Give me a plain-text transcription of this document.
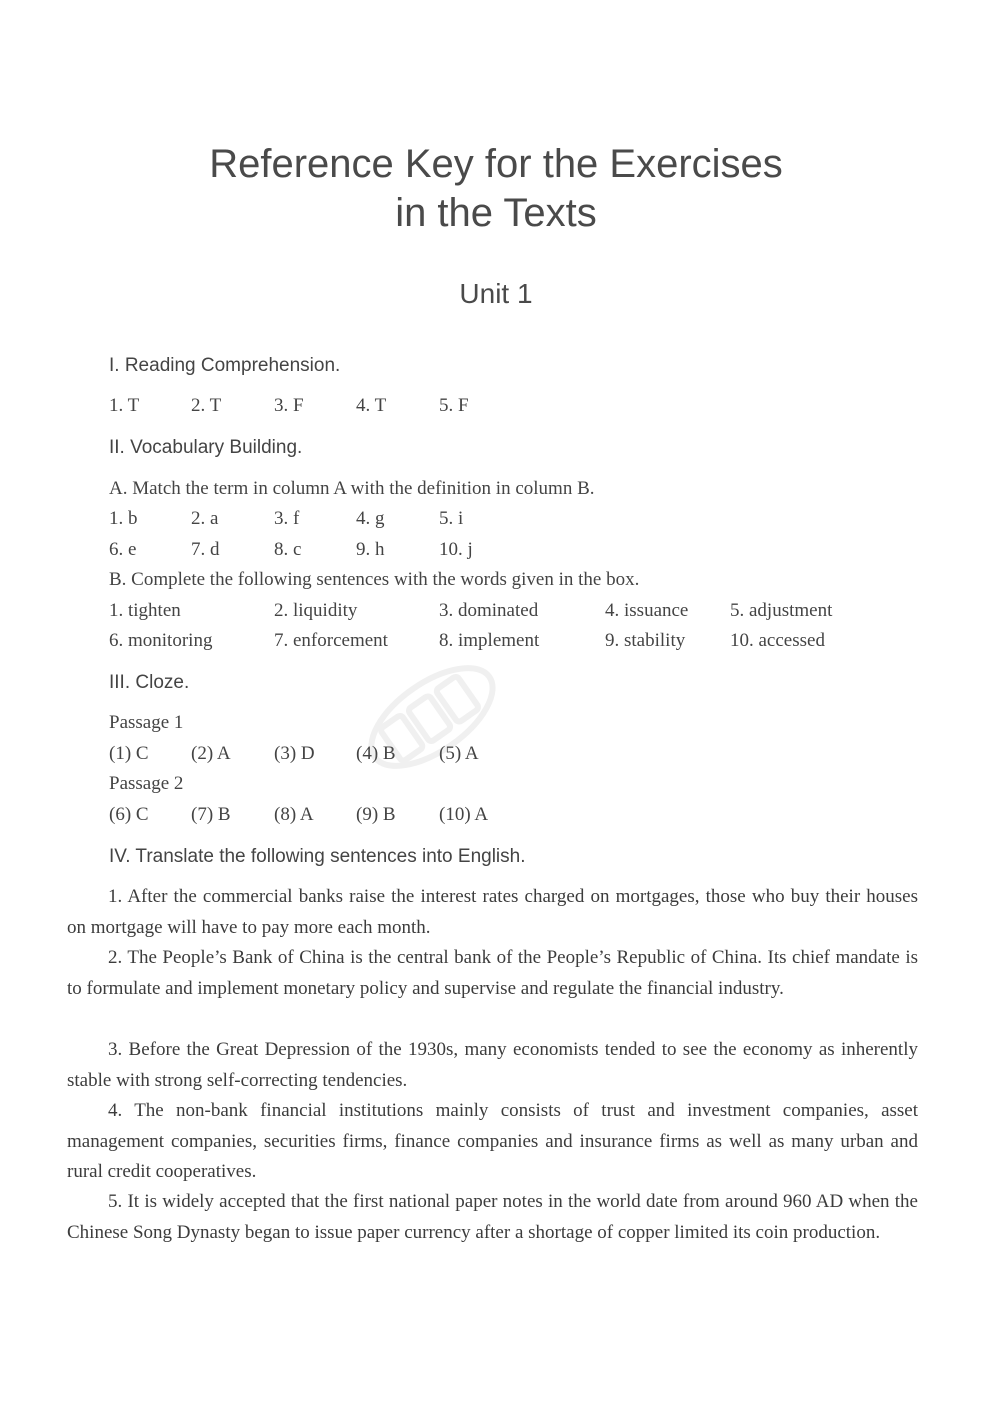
Reference Key for the Exercises
in the Texts
Unit 1
I. Reading Comprehension.
1. T	2. T	3. F	4. T	5. F
II. Vocabulary Building.
A. Match the term in column A with the definition in column B.
1. b	2. a	3. f	4. g	5. i
6. e	7. d	8. c	9. h	10. j
B. Complete the following sentences with the words given in the box.
1. tighten	2. liquidity	3. dominated	4. issuance 5. adjustment
6. monitoring	7. enforcement	8. implement	9. stability 10. accessed
III. Cloze.
Passage 1
(1) C (2) A (3) D (4) B (5) A
Passage 2
(6) C (7) B (8) A (9) B (10) A
IV. Translate the following sentences into English.

1. After the commercial banks raise the interest rates charged on mortgages, those who buy their houses on mortgage will have to pay more each month.

2. The People’s Bank of China is the central bank of the People’s Republic of China. Its chief mandate is to formulate and implement monetary policy and supervise and regulate the financial industry.

3. Before the Great Depression of the 1930s, many economists tended to see the economy as inherently stable with strong self-correcting tendencies.

4. The non-bank financial institutions mainly consists of trust and investment companies, asset management companies, securities firms, finance companies and insurance firms as well as many urban and rural credit cooperatives.

5. It is widely accepted that the first national paper notes in the world date from around 960 AD when the Chinese Song Dynasty began to issue paper currency after a shortage of copper limited its coin production.
